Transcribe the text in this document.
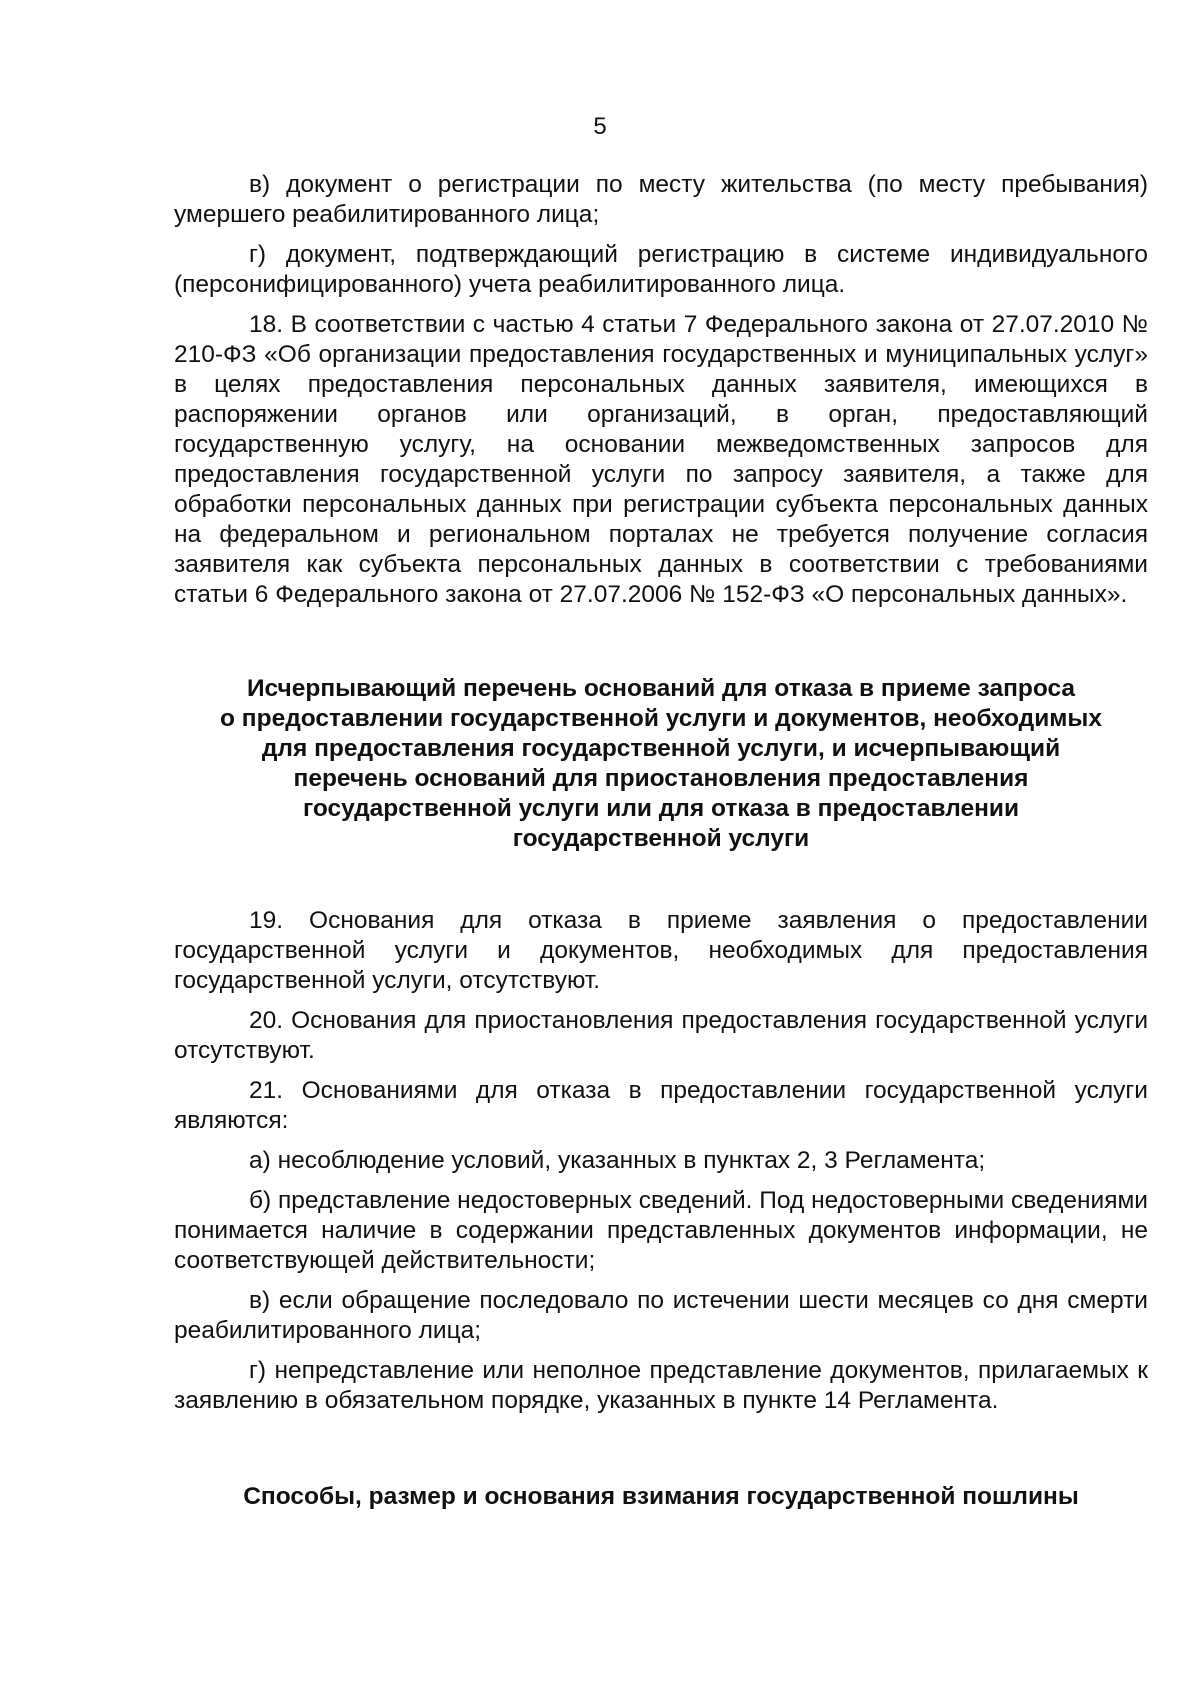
5

в) документ о регистрации по месту жительства (по месту пребывания) умершего реабилитированного лица;

г) документ, подтверждающий регистрацию в системе индивидуального (персонифицированного) учета реабилитированного лица.

18. В соответствии с частью 4 статьи 7 Федерального закона от 27.07.2010 № 210-ФЗ «Об организации предоставления государственных и муниципальных услуг» в целях предоставления персональных данных заявителя, имеющихся в распоряжении органов или организаций, в орган, предоставляющий государственную услугу, на основании межведомственных запросов для предоставления государственной услуги по запросу заявителя, а также для обработки персональных данных при регистрации субъекта персональных данных на федеральном и региональном порталах не требуется получение согласия заявителя как субъекта персональных данных в соответствии с требованиями статьи 6 Федерального закона от 27.07.2006 № 152-ФЗ «О персональных данных».

Исчерпывающий перечень оснований для отказа в приеме запроса
о предоставлении государственной услуги и документов, необходимых
для предоставления государственной услуги, и исчерпывающий
перечень оснований для приостановления предоставления
государственной услуги или для отказа в предоставлении
государственной услуги

19. Основания для отказа в приеме заявления о предоставлении государственной услуги и документов, необходимых для предоставления государственной услуги, отсутствуют.

20. Основания для приостановления предоставления государственной услуги отсутствуют.

21. Основаниями для отказа в предоставлении государственной услуги являются:

а) несоблюдение условий, указанных в пунктах 2, 3 Регламента;

б) представление недостоверных сведений. Под недостоверными сведениями понимается наличие в содержании представленных документов информации, не соответствующей действительности;

в) если обращение последовало по истечении шести месяцев со дня смерти реабилитированного лица;

г) непредставление или неполное представление документов, прилагаемых к заявлению в обязательном порядке, указанных в пункте 14 Регламента.

Способы, размер и основания взимания государственной пошлины
